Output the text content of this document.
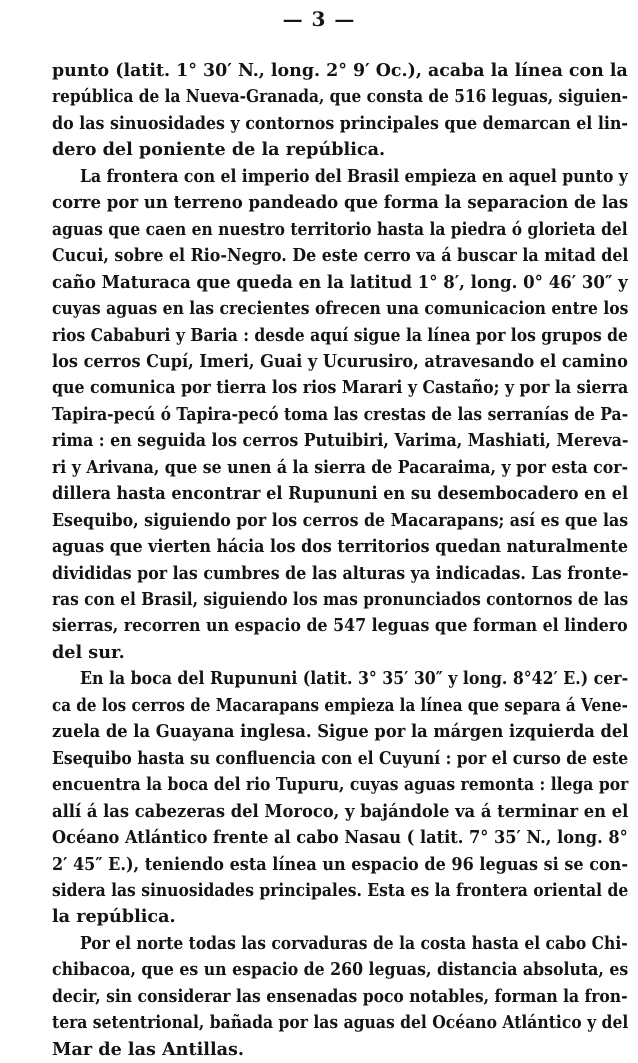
— 3 —
punto (latit. 1° 30′ N., long. 2° 9′ Oc.), acaba la línea con la
república de la Nueva-Granada, que consta de 516 leguas, siguien-
do las sinuosidades y contornos principales que demarcan el lin-
dero del poniente de la república.
La frontera con el imperio del Brasil empieza en aquel punto y
corre por un terreno pandeado que forma la separacion de las
aguas que caen en nuestro territorio hasta la piedra ó glorieta del
Cucui, sobre el Rio-Negro. De este cerro va á buscar la mitad del
caño Maturaca que queda en la latitud 1° 8′, long. 0° 46′ 30″ y
cuyas aguas en las crecientes ofrecen una comunicacion entre los
rios Cababuri y Baria : desde aquí sigue la línea por los grupos de
los cerros Cupí, Imeri, Guai y Ucurusiro, atravesando el camino
que comunica por tierra los rios Marari y Castaño; y por la sierra
Tapira-pecú ó Tapira-pecó toma las crestas de las serranías de Pa-
rima : en seguida los cerros Putuibiri, Varima, Mashiati, Mereva-
ri y Arivana, que se unen á la sierra de Pacaraima, y por esta cor-
dillera hasta encontrar el Rupununi en su desembocadero en el
Esequibo, siguiendo por los cerros de Macarapans; así es que las
aguas que vierten hácia los dos territorios quedan naturalmente
divididas por las cumbres de las alturas ya indicadas. Las fronte-
ras con el Brasil, siguiendo los mas pronunciados contornos de las
sierras, recorren un espacio de 547 leguas que forman el lindero
del sur.
En la boca del Rupununi (latit. 3° 35′ 30″ y long. 8°42′ E.) cer-
ca de los cerros de Macarapans empieza la línea que separa á Vene-
zuela de la Guayana inglesa. Sigue por la márgen izquierda del
Esequibo hasta su confluencia con el Cuyuní : por el curso de este
encuentra la boca del rio Tupuru, cuyas aguas remonta : llega por
allí á las cabezeras del Moroco, y bajándole va á terminar en el
Océano Atlántico frente al cabo Nasau ( latit. 7° 35′ N., long. 8°
2′ 45″ E.), teniendo esta línea un espacio de 96 leguas si se con-
sidera las sinuosidades principales. Esta es la frontera oriental de
la república.
Por el norte todas las corvaduras de la costa hasta el cabo Chi-
chibacoa, que es un espacio de 260 leguas, distancia absoluta, es
decir, sin considerar las ensenadas poco notables, forman la fron-
tera setentrional, bañada por las aguas del Océano Atlántico y del
Mar de las Antillas.
